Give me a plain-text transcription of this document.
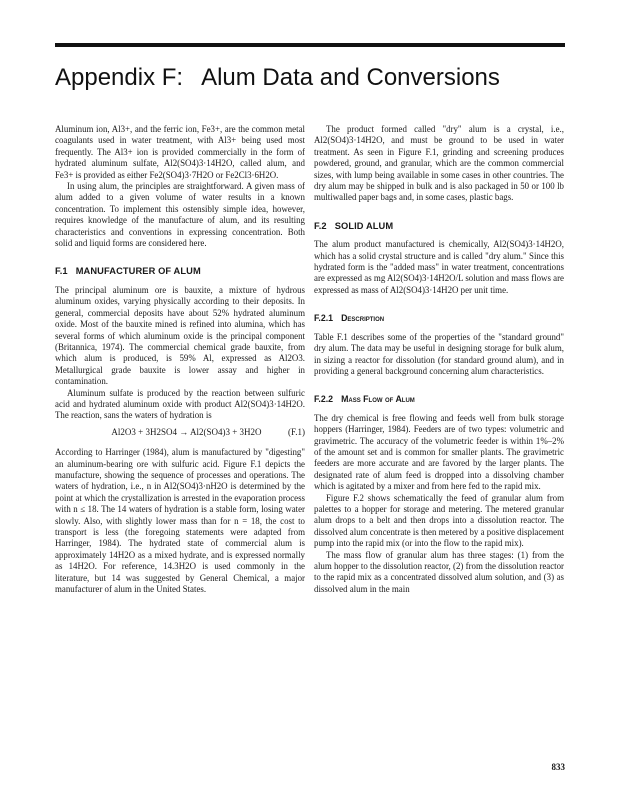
Appendix F: Alum Data and Conversions

Aluminum ion, Al3+, and the ferric ion, Fe3+, are the common metal coagulants used in water treatment, with Al3+ being used most frequently. The Al3+ ion is provided commercially in the form of hydrated aluminum sulfate, Al2(SO4)3·14H2O, called alum, and Fe3+ is provided as either Fe2(SO4)3·7H2O or Fe2Cl3·6H2O.

In using alum, the principles are straightforward. A given mass of alum added to a given volume of water results in a known concentration. To implement this ostensibly simple idea, however, requires knowledge of the manufacture of alum, and its resulting characteristics and conventions in expressing concentration. Both solid and liquid forms are considered here.

F.1 MANUFACTURER OF ALUM

The principal aluminum ore is bauxite, a mixture of hydrous aluminum oxides, varying physically according to their deposits. In general, commercial deposits have about 52% hydrated aluminum oxide. Most of the bauxite mined is refined into alumina, which has several forms of which aluminum oxide is the principal component (Britannica, 1974). The commercial chemical grade bauxite, from which alum is produced, is 59% Al, expressed as Al2O3. Metallurgical grade bauxite is lower assay and higher in contamination.

Aluminum sulfate is produced by the reaction between sulfuric acid and hydrated aluminum oxide with product Al2(SO4)3·14H2O. The reaction, sans the waters of hydration is

Al2O3 + 3H2SO4 → Al2(SO4)3 + 3H2O	(F.1)

According to Harringer (1984), alum is manufactured by "digesting" an aluminum-bearing ore with sulfuric acid. Figure F.1 depicts the manufacture, showing the sequence of processes and operations. The waters of hydration, i.e., n in Al2(SO4)3·nH2O is determined by the point at which the crystallization is arrested in the evaporation process with n ≤ 18. The 14 waters of hydration is a stable form, losing water slowly. Also, with slightly lower mass than for n = 18, the cost to transport is less (the foregoing statements were adapted from Harringer, 1984). The hydrated state of commercial alum is approximately 14H2O as a mixed hydrate, and is expressed normally as 14H2O. For reference, 14.3H2O is used commonly in the literature, but 14 was suggested by General Chemical, a major manufacturer of alum in the United States.

The product formed called "dry" alum is a crystal, i.e., Al2(SO4)3·14H2O, and must be ground to be used in water treatment. As seen in Figure F.1, grinding and screening produces powdered, ground, and granular, which are the common commercial sizes, with lump being available in some cases in other countries. The dry alum may be shipped in bulk and is also packaged in 50 or 100 lb multiwalled paper bags and, in some cases, plastic bags.

F.2 SOLID ALUM

The alum product manufactured is chemically, Al2(SO4)3·14H2O, which has a solid crystal structure and is called "dry alum." Since this hydrated form is the "added mass" in water treatment, concentrations are expressed as mg Al2(SO4)3·14H2O/L solution and mass flows are expressed as mass of Al2(SO4)3·14H2O per unit time.

F.2.1 Description

Table F.1 describes some of the properties of the "standard ground" dry alum. The data may be useful in designing storage for bulk alum, in sizing a reactor for dissolution (for standard ground alum), and in providing a general background concerning alum characteristics.

F.2.2 Mass Flow of Alum

The dry chemical is free flowing and feeds well from bulk storage hoppers (Harringer, 1984). Feeders are of two types: volumetric and gravimetric. The accuracy of the volumetric feeder is within 1%–2% of the amount set and is common for smaller plants. The gravimetric feeders are more accurate and are favored by the larger plants. The designated rate of alum feed is dropped into a dissolving chamber which is agitated by a mixer and from here fed to the rapid mix.

Figure F.2 shows schematically the feed of granular alum from palettes to a hopper for storage and metering. The metered granular alum drops to a belt and then drops into a dissolution reactor. The dissolved alum concentrate is then metered by a positive displacement pump into the rapid mix (or into the flow to the rapid mix).

The mass flow of granular alum has three stages: (1) from the alum hopper to the dissolution reactor, (2) from the dissolution reactor to the rapid mix as a concentrated dissolved alum solution, and (3) as dissolved alum in the main

833
